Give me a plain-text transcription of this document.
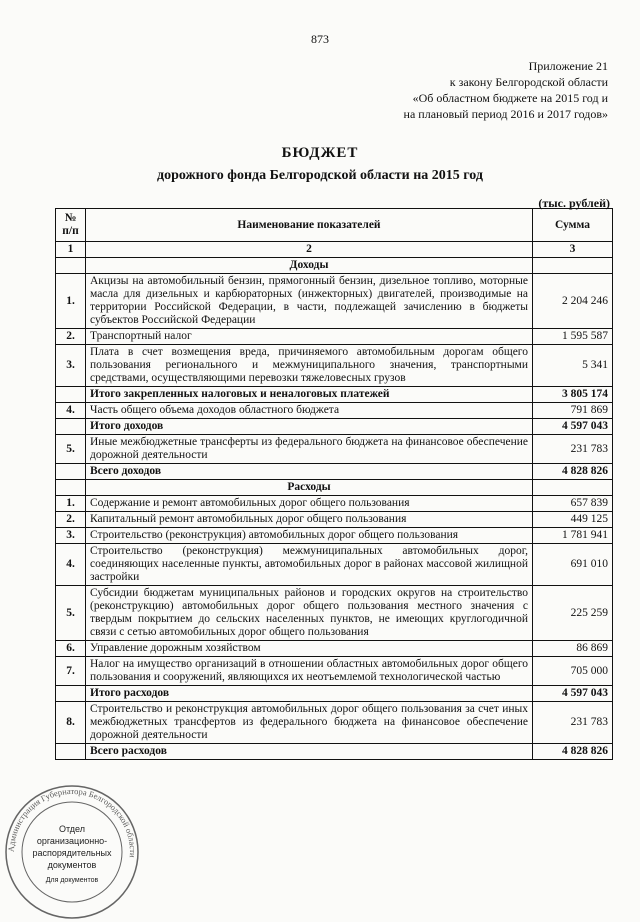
873
Приложение 21
к закону Белгородской области
«Об областном бюджете на 2015 год и
на плановый период 2016 и 2017 годов»
БЮДЖЕТ
дорожного фонда Белгородской области на 2015 год
(тыс. рублей)
№ п/п	Наименование показателей	Сумма
1	2	3
	Доходы	
1.	Акцизы на автомобильный бензин, прямогонный бензин, дизельное топливо, моторные масла для дизельных и карбюраторных (инжекторных) двигателей, производимые на территории Российской Федерации, в части, подлежащей зачислению в бюджеты субъектов Российской Федерации	2 204 246
2.	Транспортный налог	1 595 587
3.	Плата в счет возмещения вреда, причиняемого автомобильным дорогам общего пользования регионального и межмуниципального значения, транспортными средствами, осуществляющими перевозки тяжеловесных грузов	5 341
	Итого закрепленных налоговых и неналоговых платежей	3 805 174
4.	Часть общего объема доходов областного бюджета	791 869
	Итого доходов	4 597 043
5.	Иные межбюджетные трансферты из федерального бюджета на финансовое обеспечение дорожной деятельности	231 783
	Всего доходов	4 828 826
	Расходы	
1.	Содержание и ремонт автомобильных дорог общего пользования	657 839
2.	Капитальный ремонт автомобильных дорог общего пользования	449 125
3.	Строительство (реконструкция) автомобильных дорог общего пользования	1 781 941
4.	Строительство (реконструкция) межмуниципальных автомобильных дорог, соединяющих населенные пункты, автомобильных дорог в районах массовой жилищной застройки	691 010
5.	Субсидии бюджетам муниципальных районов и городских округов на строительство (реконструкцию) автомобильных дорог общего пользования местного значения с твердым покрытием до сельских населенных пунктов, не имеющих круглогодичной связи с сетью автомобильных дорог общего пользования	225 259
6.	Управление дорожным хозяйством	86 869
7.	Налог на имущество организаций в отношении областных автомобильных дорог общего пользования и сооружений, являющихся их неотъемлемой технологической частью	705 000
	Итого расходов	4 597 043
8.	Строительство и реконструкция автомобильных дорог общего пользования за счет иных межбюджетных трансфертов из федерального бюджета на финансовое обеспечение дорожной деятельности	231 783
	Всего расходов	4 828 826
Администрация Губернатора Белгородской области
Отдел
организационно-
распорядительных
документов
Для документов
